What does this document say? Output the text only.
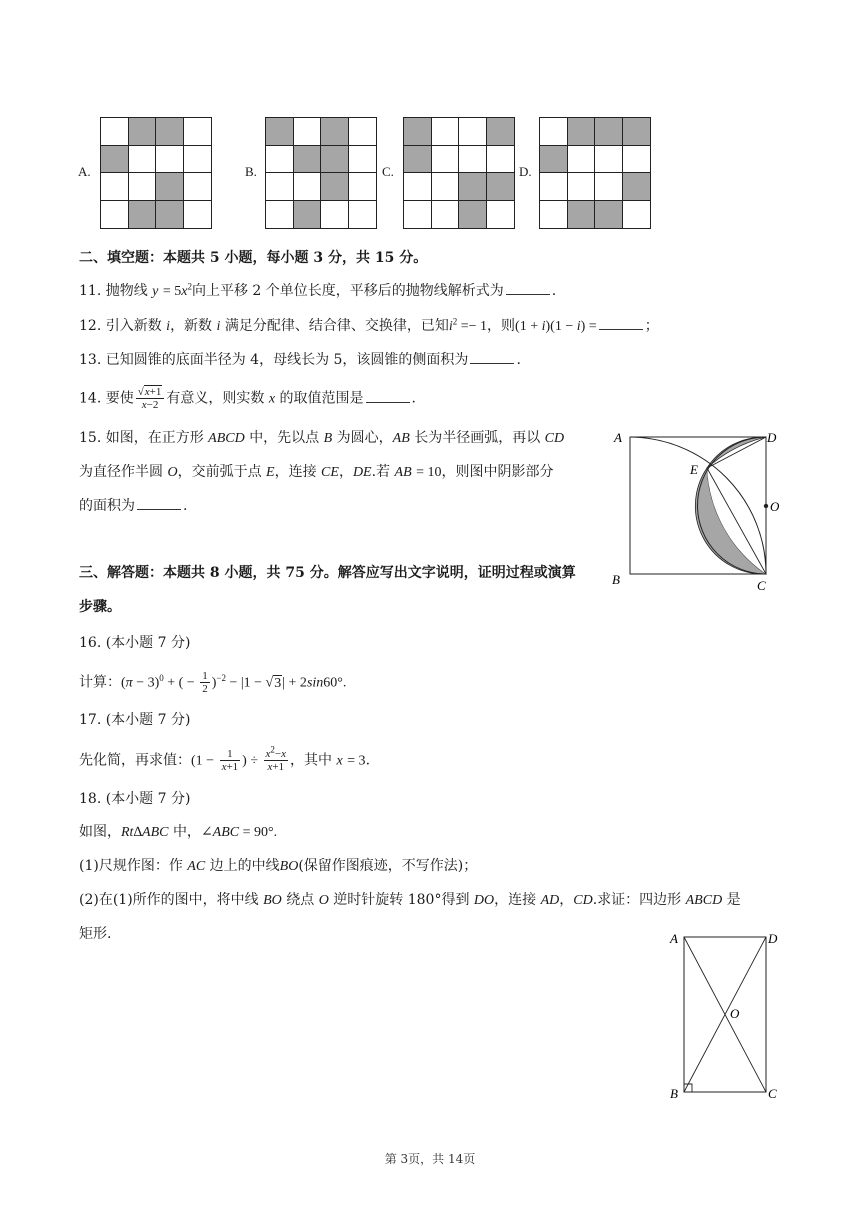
A.	B.	C.	D.
二、填空题：本题共 5 小题，每小题 3 分，共 15 分。
11. 抛物线 $y = 5x^2$向上平移 2 个单位长度，平移后的抛物线解析式为	.
12. 引入新数 i，新数 i 满足分配律、结合律、交换律，已知$i^2 =- 1$，则(1 + i)(1 − i) =	；
13. 已知圆锥的底面半径为 4，母线长为 5，该圆锥的侧面积为	.
14. 要使 $\frac{√x+1}{x-2}$ 有意义，则实数 x 的取值范围是	.
15. 如图，在正方形 ABCD 中，先以点 B 为圆心，AB 长为半径画弧，再以 CD
为直径作半圆 O，交前弧于点 E，连接 CE，DE.若 AB = 10，则图中阴影部分
的面积为	.
A
B	C
D
E
O
三、解答题：本题共 8 小题，共 75 分。解答应写出文字说明，证明过程或演算
步骤。
16. (本小题 7 分)
计算：$(\pi - 3)^0$ + ( − $\frac{1}{2} )^{-2} - |1 - √3| + 2\sin 60^\circ$.
17. (本小题 7 分)
先化简，再求值：($1 - \frac{1}{x+1}$ ) ÷ $\frac{x^2-x}{x+1}$ ，其中 x = 3.
18. (本小题 7 分)
如图，Rt∆ABC 中，∠ABC = 90°.
(1)尺规作图：作 AC 边上的中线BO(保留作图痕迹，不写作法)；
(2)在(1)所作的图中，将中线 BO 绕点 O 逆时针旋转 180°得到 DO，连接 AD，CD.求证：四边形 ABCD 是
矩形.	A
B	C
D
O
第 3页，共 14页
